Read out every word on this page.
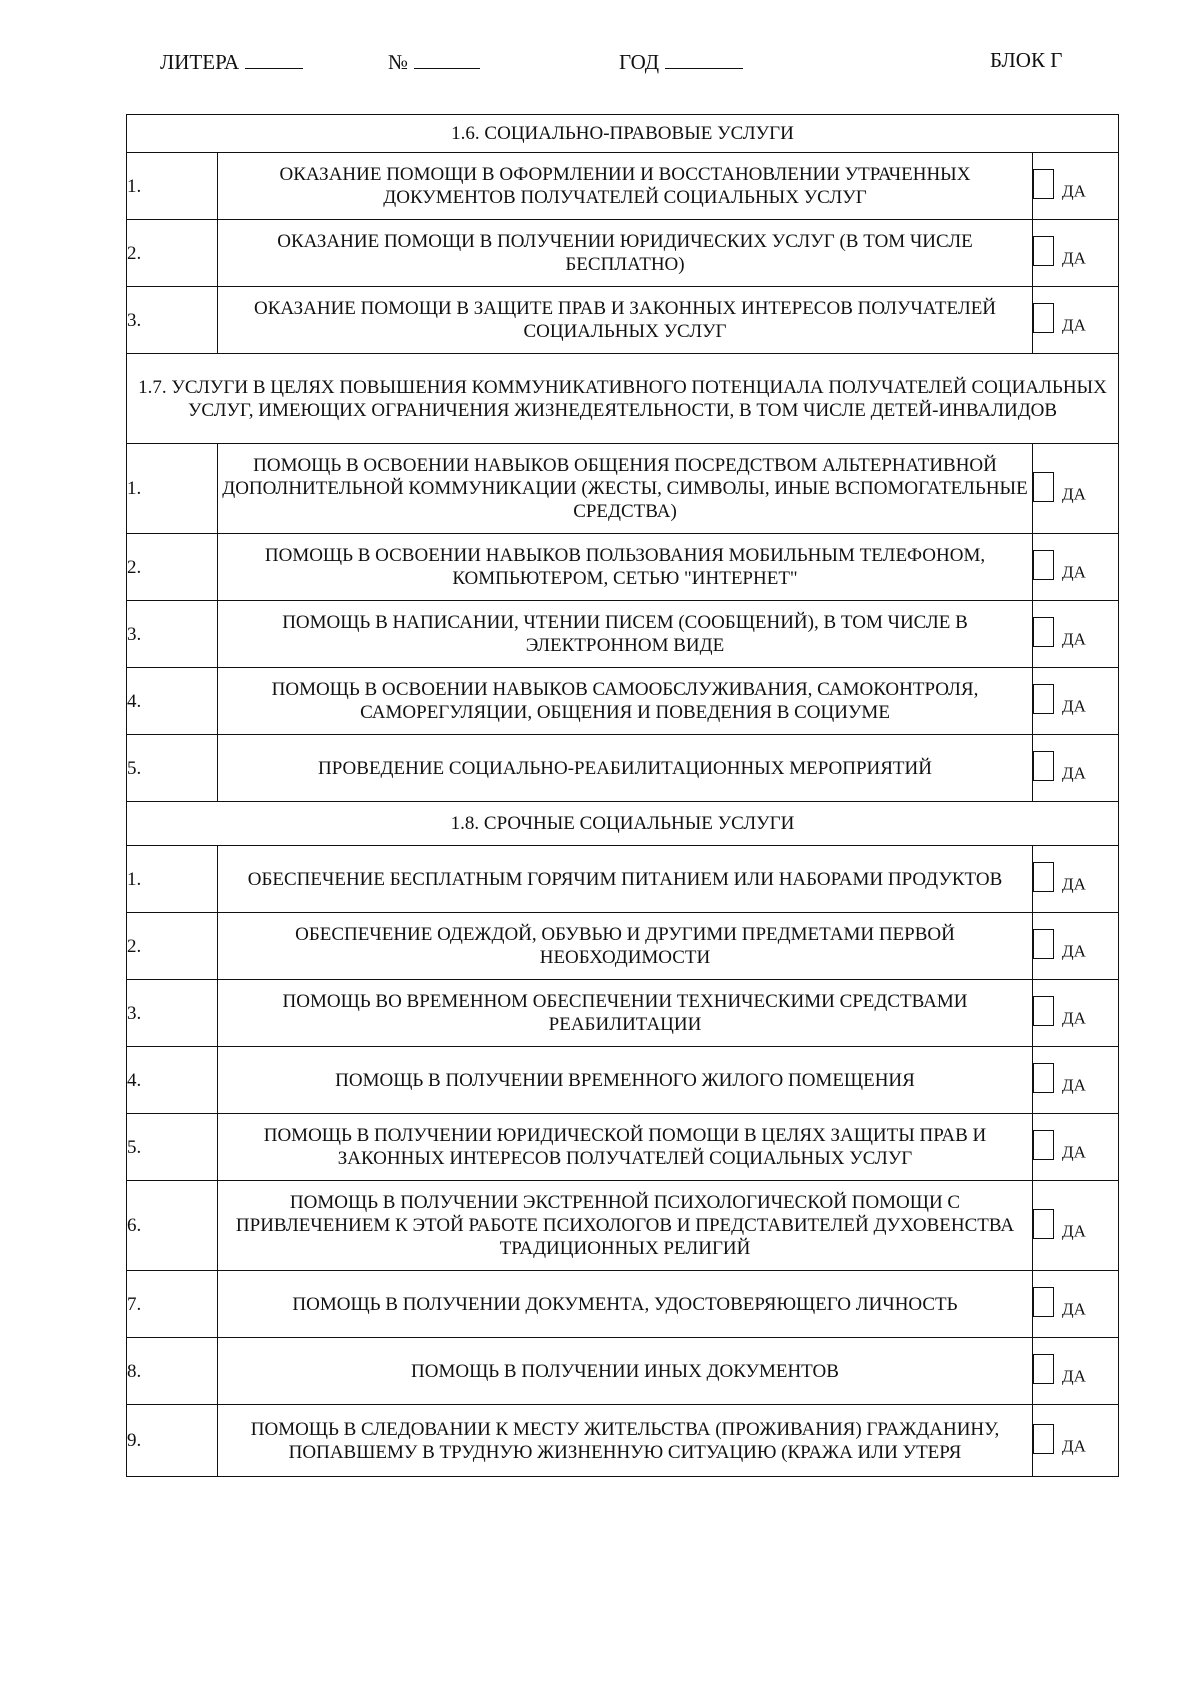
ЛИТЕРА	№	ГОД	БЛОК Г
1.6. СОЦИАЛЬНО-ПРАВОВЫЕ УСЛУГИ		
1.	ОКАЗАНИЕ ПОМОЩИ В ОФОРМЛЕНИИ И ВОССТАНОВЛЕНИИ УТРАЧЕННЫХ ДОКУМЕНТОВ ПОЛУЧАТЕЛЕЙ СОЦИАЛЬНЫХ УСЛУГ	ДА
2.	ОКАЗАНИЕ ПОМОЩИ В ПОЛУЧЕНИИ ЮРИДИЧЕСКИХ УСЛУГ (В ТОМ ЧИСЛЕ БЕСПЛАТНО)	ДА
3.	ОКАЗАНИЕ ПОМОЩИ В ЗАЩИТЕ ПРАВ И ЗАКОННЫХ ИНТЕРЕСОВ ПОЛУЧАТЕЛЕЙ СОЦИАЛЬНЫХ УСЛУГ	ДА
1.7. УСЛУГИ В ЦЕЛЯХ ПОВЫШЕНИЯ КОММУНИКАТИВНОГО ПОТЕНЦИАЛА ПОЛУЧАТЕЛЕЙ СОЦИАЛЬНЫХ УСЛУГ, ИМЕЮЩИХ ОГРАНИЧЕНИЯ ЖИЗНЕДЕЯТЕЛЬНОСТИ, В ТОМ ЧИСЛЕ ДЕТЕЙ-ИНВАЛИДОВ		
1.	ПОМОЩЬ В ОСВОЕНИИ НАВЫКОВ ОБЩЕНИЯ ПОСРЕДСТВОМ АЛЬТЕРНАТИВНОЙ ДОПОЛНИТЕЛЬНОЙ КОММУНИКАЦИИ (ЖЕСТЫ, СИМВОЛЫ, ИНЫЕ ВСПОМОГАТЕЛЬНЫЕ СРЕДСТВА)	ДА
2.	ПОМОЩЬ В ОСВОЕНИИ НАВЫКОВ ПОЛЬЗОВАНИЯ МОБИЛЬНЫМ ТЕЛЕФОНОМ, КОМПЬЮТЕРОМ, СЕТЬЮ "ИНТЕРНЕТ"	ДА
3.	ПОМОЩЬ В НАПИСАНИИ, ЧТЕНИИ ПИСЕМ (СООБЩЕНИЙ), В ТОМ ЧИСЛЕ В ЭЛЕКТРОННОМ ВИДЕ	ДА
4.	ПОМОЩЬ В ОСВОЕНИИ НАВЫКОВ САМООБСЛУЖИВАНИЯ, САМОКОНТРОЛЯ, САМОРЕГУЛЯЦИИ, ОБЩЕНИЯ И ПОВЕДЕНИЯ В СОЦИУМЕ	ДА
5.	ПРОВЕДЕНИЕ СОЦИАЛЬНО-РЕАБИЛИТАЦИОННЫХ МЕРОПРИЯТИЙ	ДА
1.8. СРОЧНЫЕ СОЦИАЛЬНЫЕ УСЛУГИ		
1.	ОБЕСПЕЧЕНИЕ БЕСПЛАТНЫМ ГОРЯЧИМ ПИТАНИЕМ ИЛИ НАБОРАМИ ПРОДУКТОВ	ДА
2.	ОБЕСПЕЧЕНИЕ ОДЕЖДОЙ, ОБУВЬЮ И ДРУГИМИ ПРЕДМЕТАМИ ПЕРВОЙ НЕОБХОДИМОСТИ	ДА
3.	ПОМОЩЬ ВО ВРЕМЕННОМ ОБЕСПЕЧЕНИИ ТЕХНИЧЕСКИМИ СРЕДСТВАМИ РЕАБИЛИТАЦИИ	ДА
4.	ПОМОЩЬ В ПОЛУЧЕНИИ ВРЕМЕННОГО ЖИЛОГО ПОМЕЩЕНИЯ	ДА
5.	ПОМОЩЬ В ПОЛУЧЕНИИ ЮРИДИЧЕСКОЙ ПОМОЩИ В ЦЕЛЯХ ЗАЩИТЫ ПРАВ И ЗАКОННЫХ ИНТЕРЕСОВ ПОЛУЧАТЕЛЕЙ СОЦИАЛЬНЫХ УСЛУГ	ДА
6.	ПОМОЩЬ В ПОЛУЧЕНИИ ЭКСТРЕННОЙ ПСИХОЛОГИЧЕСКОЙ ПОМОЩИ С ПРИВЛЕЧЕНИЕМ К ЭТОЙ РАБОТЕ ПСИХОЛОГОВ И ПРЕДСТАВИТЕЛЕЙ ДУХОВЕНСТВА ТРАДИЦИОННЫХ РЕЛИГИЙ	ДА
7.	ПОМОЩЬ В ПОЛУЧЕНИИ ДОКУМЕНТА, УДОСТОВЕРЯЮЩЕГО ЛИЧНОСТЬ	ДА
8.	ПОМОЩЬ В ПОЛУЧЕНИИ ИНЫХ ДОКУМЕНТОВ	ДА
9.	ПОМОЩЬ В СЛЕДОВАНИИ К МЕСТУ ЖИТЕЛЬСТВА (ПРОЖИВАНИЯ) ГРАЖДАНИНУ, ПОПАВШЕМУ В ТРУДНУЮ ЖИЗНЕННУЮ СИТУАЦИЮ (КРАЖА ИЛИ УТЕРЯ	ДА
